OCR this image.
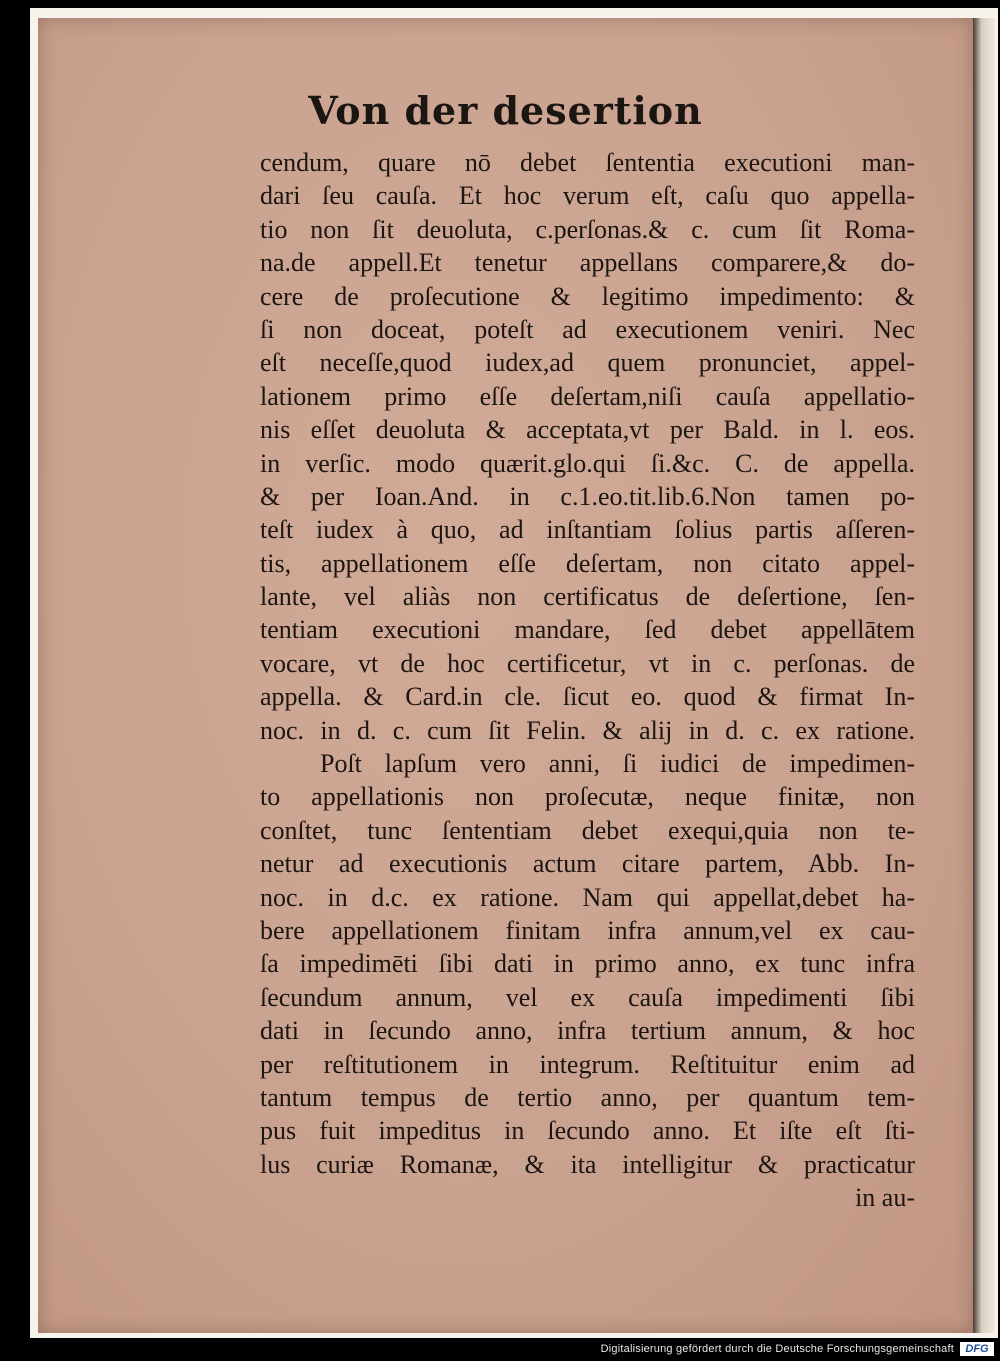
Von der desertion
cendum, quare nō debet ſententia executioni man-
dari ſeu cauſa. Et hoc verum eſt, caſu quo appella-
tio non ſit deuoluta, c.perſonas.& c. cum ſit Roma-
na.de appell.Et tenetur appellans comparere,& do-
cere de proſecutione & legitimo impedimento: &
ſi non doceat, poteſt ad executionem veniri. Nec
eſt neceſſe,quod iudex,ad quem pronunciet, appel-
lationem primo eſſe deſertam,niſi cauſa appellatio-
nis eſſet deuoluta & acceptata,vt per Bald. in l. eos.
in verſic. modo quærit.glo.qui ſi.&c. C. de appella.
& per Ioan.And. in c.1.eo.tit.lib.6.Non tamen po-
teſt iudex à quo, ad inſtantiam ſolius partis aſſeren-
tis, appellationem eſſe deſertam, non citato appel-
lante, vel aliàs non certificatus de deſertione, ſen-
tentiam executioni mandare, ſed debet appellātem
vocare, vt de hoc certificetur, vt in c. perſonas. de
appella. & Card.in cle. ſicut eo. quod & firmat In-
noc. in d. c. cum ſit Felin. & alij in d. c. ex ratione.
Poſt lapſum vero anni, ſi iudici de impedimen-
to appellationis non proſecutæ, neque finitæ, non
conſtet, tunc ſententiam debet exequi,quia non te-
netur ad executionis actum citare partem, Abb. In-
noc. in d.c. ex ratione. Nam qui appellat,debet ha-
bere appellationem finitam infra annum,vel ex cau-
ſa impedimēti ſibi dati in primo anno, ex tunc infra
ſecundum annum, vel ex cauſa impedimenti ſibi
dati in ſecundo anno, infra tertium annum, & hoc
per reſtitutionem in integrum. Reſtituitur enim ad
tantum tempus de tertio anno, per quantum tem-
pus fuit impeditus in ſecundo anno. Et iſte eſt ſti-
lus curiæ Romanæ, & ita intelligitur & practicatur
in au-
Digitalisierung gefördert durch die Deutsche Forschungsgemeinschaft	DFG
